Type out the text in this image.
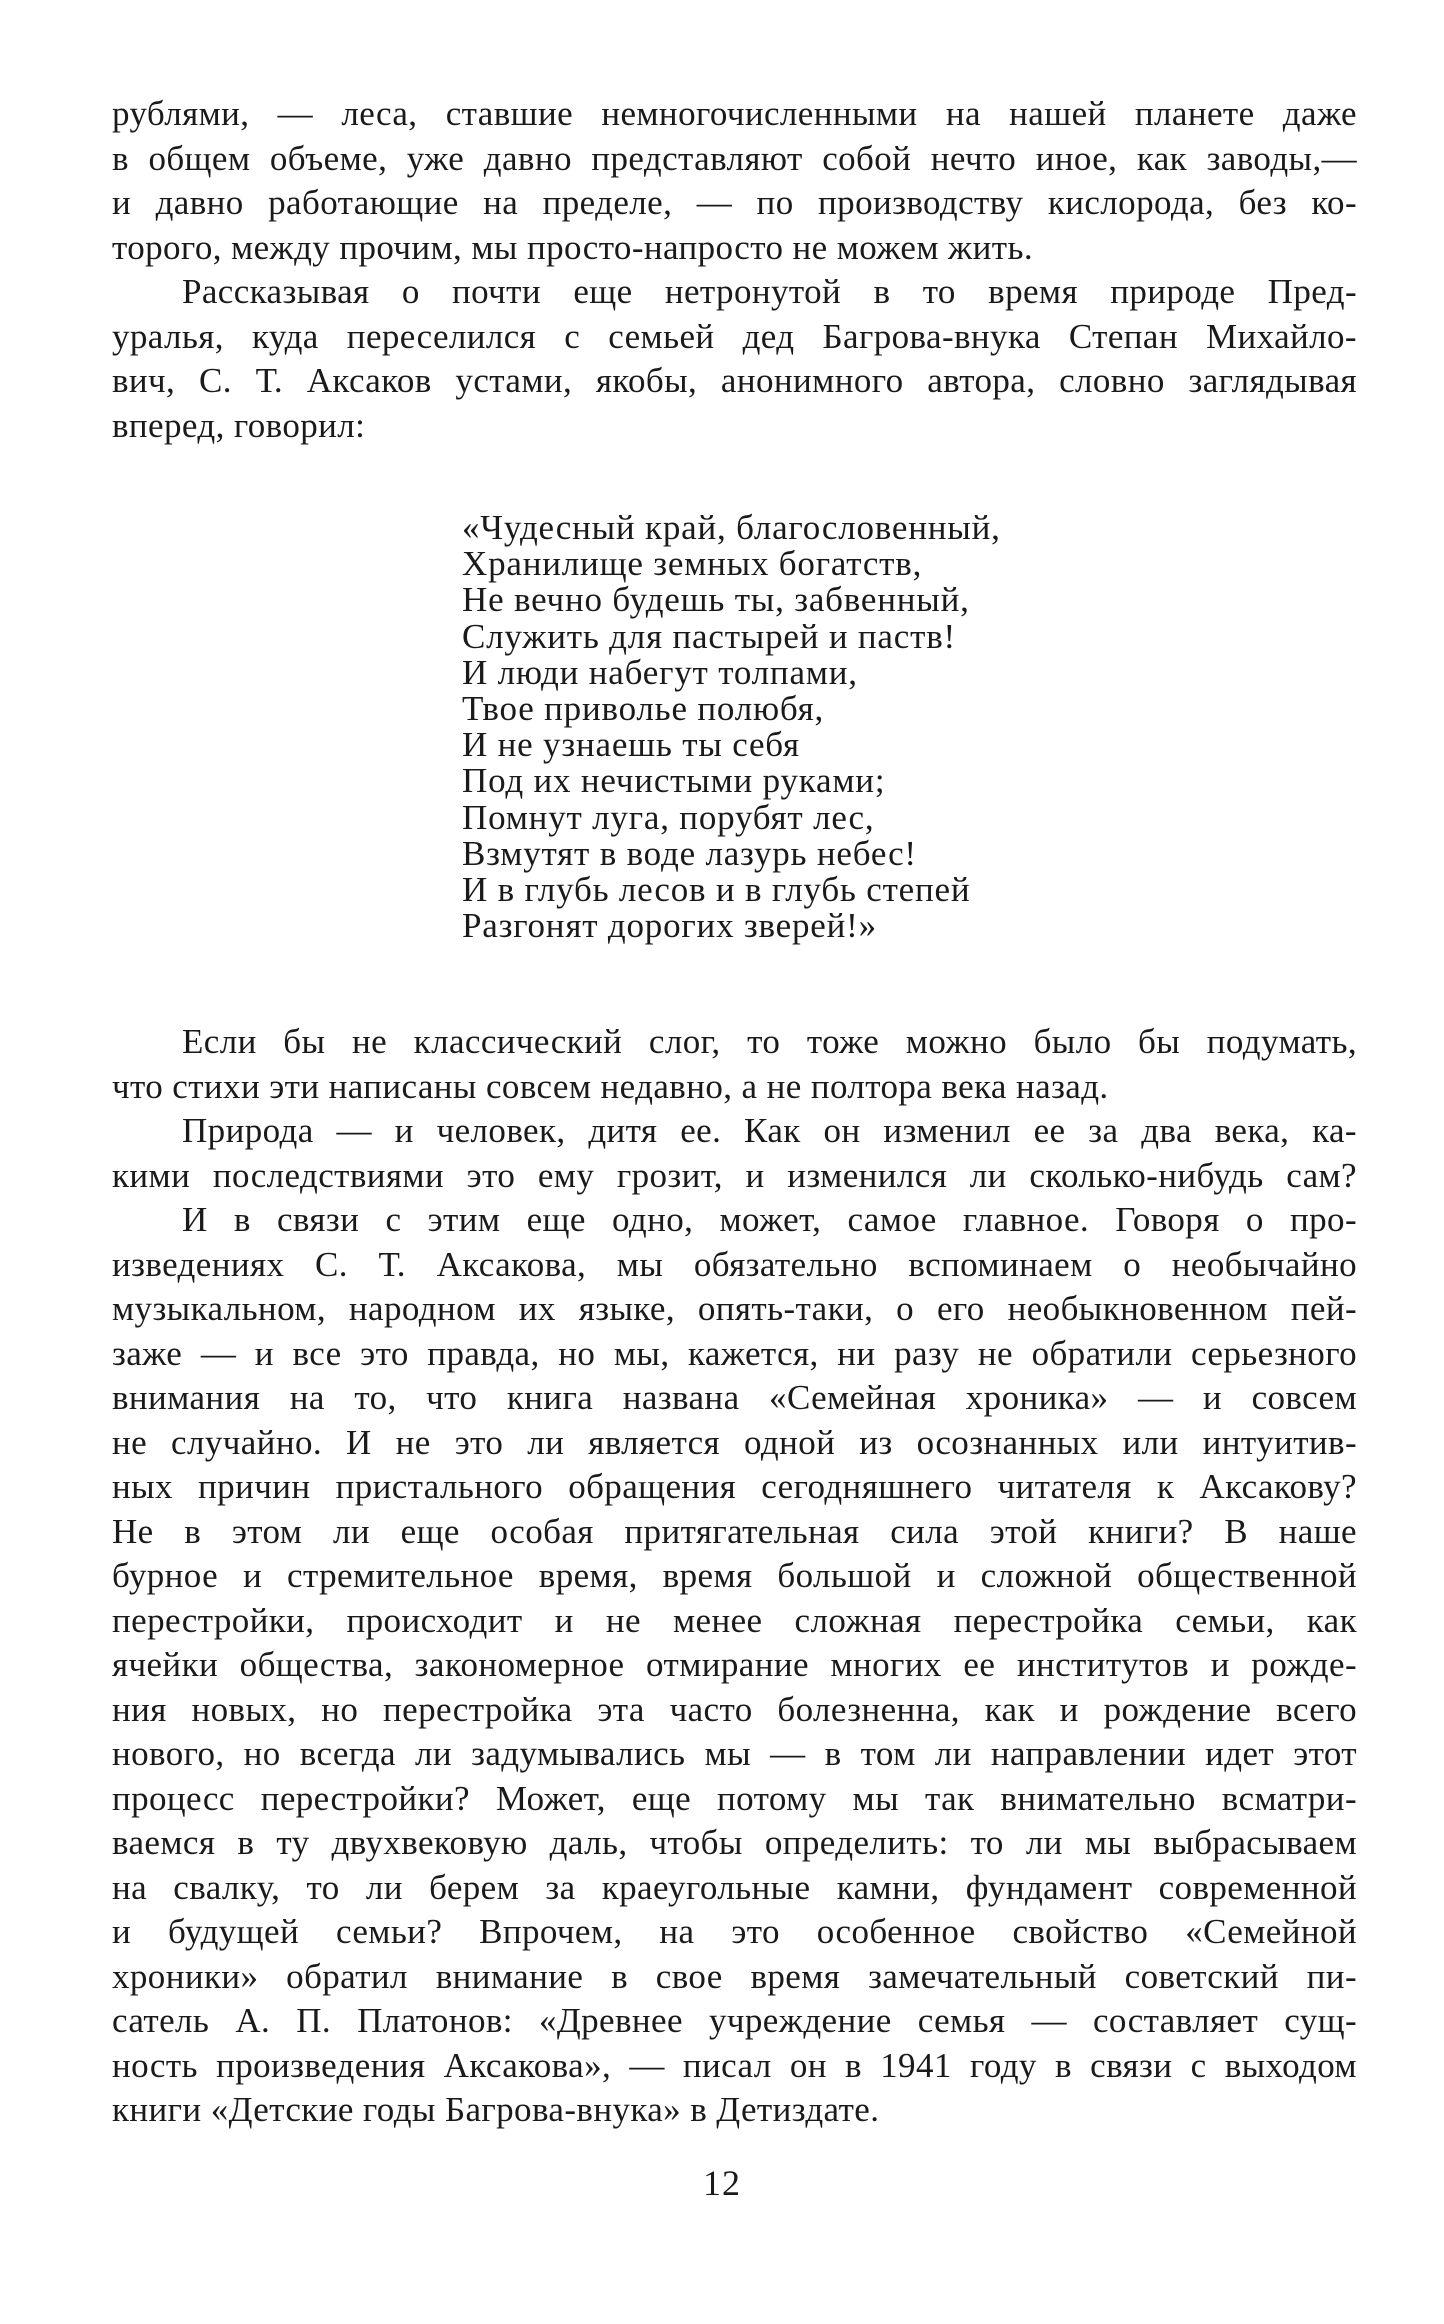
рублями, — леса, ставшие немногочисленными на нашей планете даже
в общем объеме, уже давно представляют собой нечто иное, как заводы,—
и давно работающие на пределе, — по производству кислорода, без ко-
торого, между прочим, мы просто-напросто не можем жить.
Рассказывая о почти еще нетронутой в то время природе Пред-
уралья, куда переселился с семьей дед Багрова-внука Степан Михайло-
вич, С. Т. Аксаков устами, якобы, анонимного автора, словно заглядывая
вперед, говорил:
«Чудесный край, благословенный,
Хранилище земных богатств,
Не вечно будешь ты, забвенный,
Служить для пастырей и паств!
И люди набегут толпами,
Твое приволье полюбя,
И не узнаешь ты себя
Под их нечистыми руками;
Помнут луга, порубят лес,
Взмутят в воде лазурь небес!
И в глубь лесов и в глубь степей
Разгонят дорогих зверей!»
Если бы не классический слог, то тоже можно было бы подумать,
что стихи эти написаны совсем недавно, а не полтора века назад.
Природа — и человек, дитя ее. Как он изменил ее за два века, ка-
кими последствиями это ему грозит, и изменился ли сколько-нибудь сам?
И в связи с этим еще одно, может, самое главное. Говоря о про-
изведениях С. Т. Аксакова, мы обязательно вспоминаем о необычайно
музыкальном, народном их языке, опять-таки, о его необыкновенном пей-
заже — и все это правда, но мы, кажется, ни разу не обратили серьезного
внимания на то, что книга названа «Семейная хроника» — и совсем
не случайно. И не это ли является одной из осознанных или интуитив-
ных причин пристального обращения сегодняшнего читателя к Аксакову?
Не в этом ли еще особая притягательная сила этой книги? В наше
бурное и стремительное время, время большой и сложной общественной
перестройки, происходит и не менее сложная перестройка семьи, как
ячейки общества, закономерное отмирание многих ее институтов и рожде-
ния новых, но перестройка эта часто болезненна, как и рождение всего
нового, но всегда ли задумывались мы — в том ли направлении идет этот
процесс перестройки? Может, еще потому мы так внимательно всматри-
ваемся в ту двухвековую даль, чтобы определить: то ли мы выбрасываем
на свалку, то ли берем за краеугольные камни, фундамент современной
и будущей семьи? Впрочем, на это особенное свойство «Семейной
хроники» обратил внимание в свое время замечательный советский пи-
сатель А. П. Платонов: «Древнее учреждение семья — составляет сущ-
ность произведения Аксакова», — писал он в 1941 году в связи с выходом
книги «Детские годы Багрова-внука» в Детиздате.
12
